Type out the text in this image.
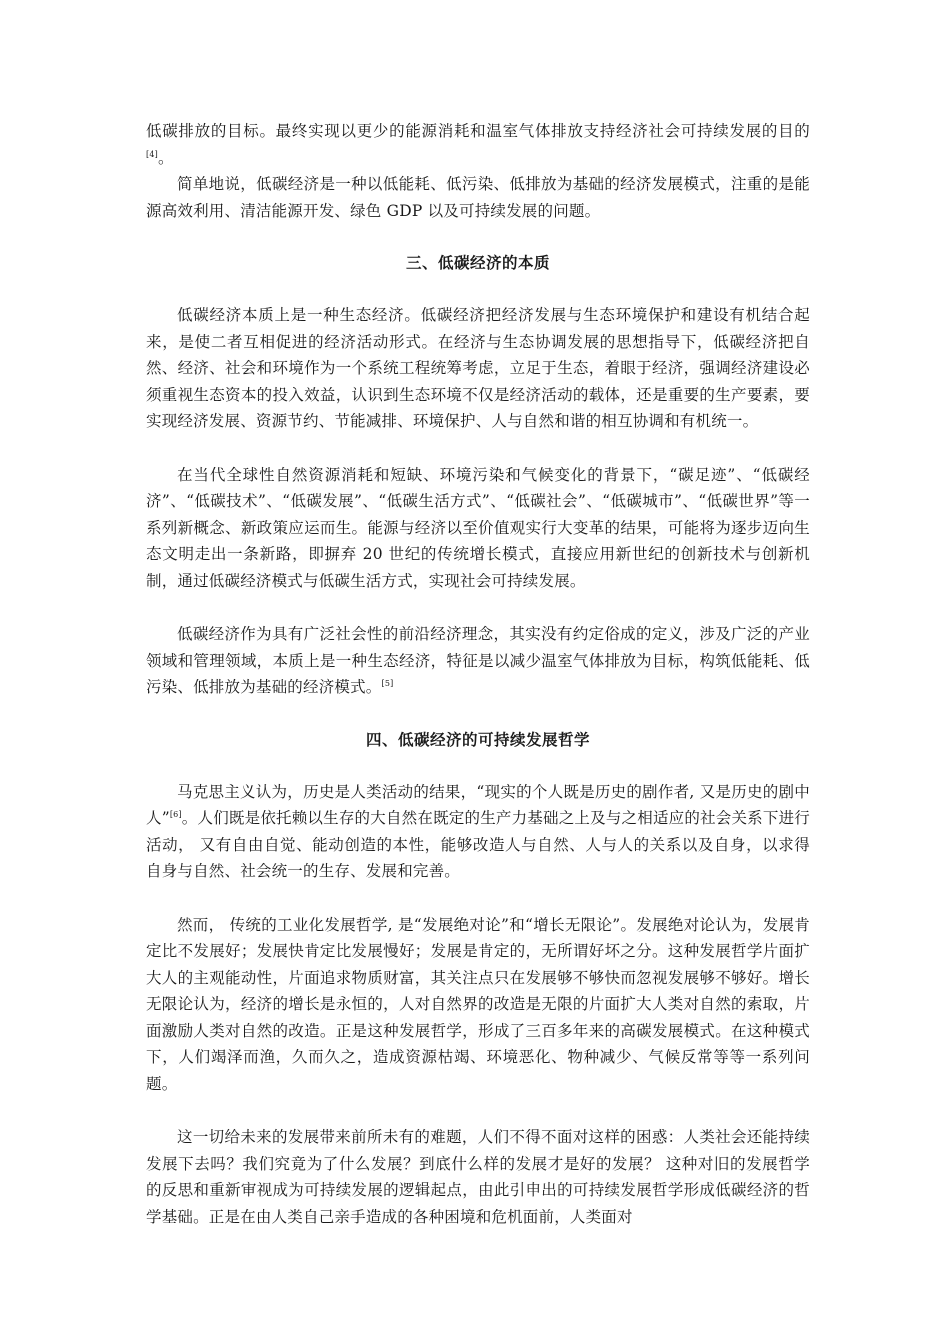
低碳排放的目标。最终实现以更少的能源消耗和温室气体排放支持经济社会可持续发展的目的[4]。

简单地说，低碳经济是一种以低能耗、低污染、低排放为基础的经济发展模式，注重的是能源高效利用、清洁能源开发、绿色 GDP 以及可持续发展的问题。

三、低碳经济的本质

低碳经济本质上是一种生态经济。低碳经济把经济发展与生态环境保护和建设有机结合起来，是使二者互相促进的经济活动形式。在经济与生态协调发展的思想指导下，低碳经济把自然、经济、社会和环境作为一个系统工程统筹考虑，立足于生态，着眼于经济，强调经济建设必须重视生态资本的投入效益，认识到生态环境不仅是经济活动的载体，还是重要的生产要素，要实现经济发展、资源节约、节能减排、环境保护、人与自然和谐的相互协调和有机统一。

在当代全球性自然资源消耗和短缺、环境污染和气候变化的背景下，“碳足迹”、“低碳经济”、“低碳技术”、“低碳发展”、“低碳生活方式”、“低碳社会”、“低碳城市”、“低碳世界”等一系列新概念、新政策应运而生。能源与经济以至价值观实行大变革的结果，可能将为逐步迈向生态文明走出一条新路，即摒弃 20 世纪的传统增长模式，直接应用新世纪的创新技术与创新机制，通过低碳经济模式与低碳生活方式，实现社会可持续发展。

低碳经济作为具有广泛社会性的前沿经济理念，其实没有约定俗成的定义，涉及广泛的产业领域和管理领域，本质上是一种生态经济，特征是以减少温室气体排放为目标，构筑低能耗、低污染、低排放为基础的经济模式。[5]

四、低碳经济的可持续发展哲学

马克思主义认为，历史是人类活动的结果，“现实的个人既是历史的剧作者, 又是历史的剧中人”[6]。人们既是依托赖以生存的大自然在既定的生产力基础之上及与之相适应的社会关系下进行活动， 又有自由自觉、能动创造的本性，能够改造人与自然、人与人的关系以及自身，以求得自身与自然、社会统一的生存、发展和完善。

然而， 传统的工业化发展哲学, 是“发展绝对论”和“增长无限论”。发展绝对论认为，发展肯定比不发展好；发展快肯定比发展慢好；发展是肯定的，无所谓好坏之分。这种发展哲学片面扩大人的主观能动性，片面追求物质财富，其关注点只在发展够不够快而忽视发展够不够好。增长无限论认为，经济的增长是永恒的，人对自然界的改造是无限的片面扩大人类对自然的索取，片面激励人类对自然的改造。正是这种发展哲学，形成了三百多年来的高碳发展模式。在这种模式下，人们竭泽而渔，久而久之，造成资源枯竭、环境恶化、物种减少、气候反常等等一系列问题。

这一切给未来的发展带来前所未有的难题，人们不得不面对这样的困惑：人类社会还能持续发展下去吗？我们究竟为了什么发展？到底什么样的发展才是好的发展？ 这种对旧的发展哲学的反思和重新审视成为可持续发展的逻辑起点，由此引申出的可持续发展哲学形成低碳经济的哲学基础。正是在由人类自己亲手造成的各种困境和危机面前，人类面对
